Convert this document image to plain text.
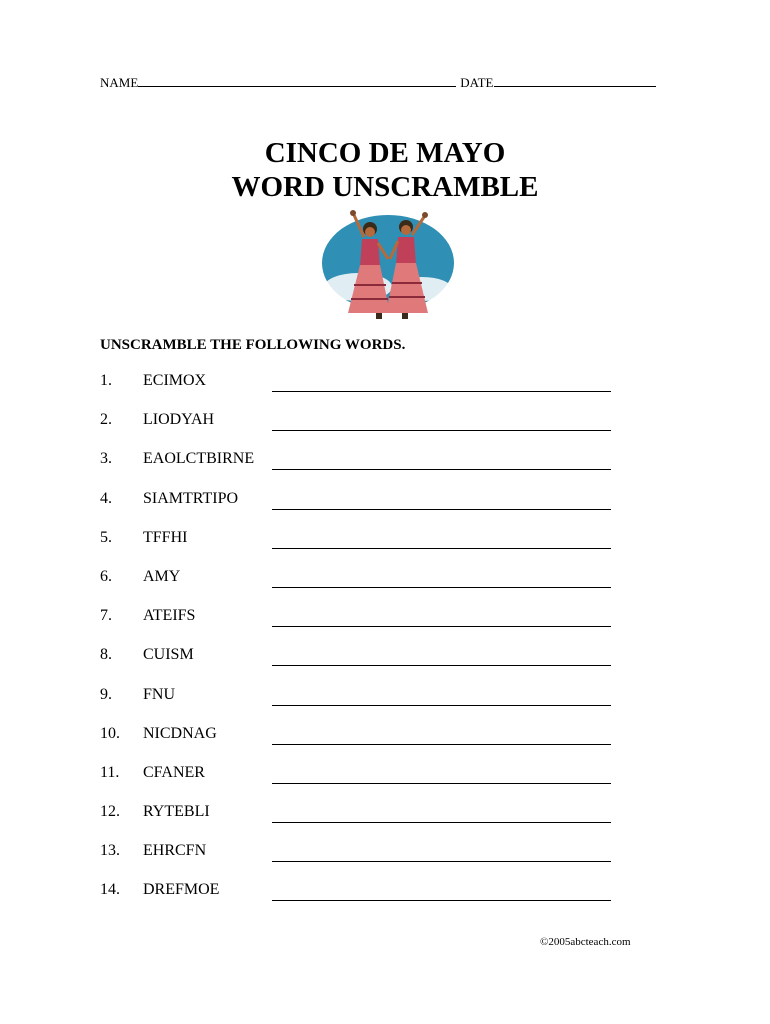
NAME	DATE
CINCO DE MAYO
WORD UNSCRAMBLE
UNSCRAMBLE THE FOLLOWING WORDS.
1. ECIMOX
2. LIODYAH
3. EAOLCTBIRNE
4. SIAMTRTIPO
5. TFFHI
6. AMY
7. ATEIFS
8. CUISM
9. FNU
10. NICDNAG
11. CFANER
12. RYTEBLI
13. EHRCFN
14. DREFMOE
©2005abcteach.com
